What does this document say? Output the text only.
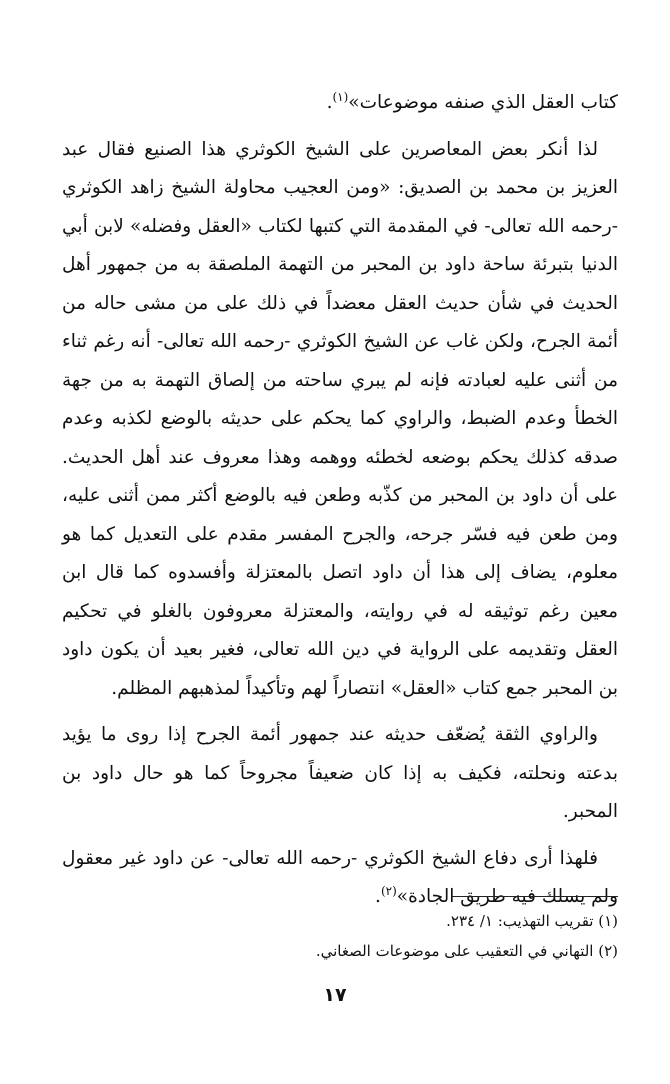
كتاب العقل الذي صنفه موضوعات»$^{(١)}$.

لذا أنكر بعض المعاصرين على الشيخ الكوثري هذا الصنيع فقال عبد العزيز بن محمد بن الصديق: «ومن العجيب محاولة الشيخ زاهد الكوثري -رحمه الله تعالى- في المقدمة التي كتبها لكتاب «العقل وفضله» لابن أبي الدنيا بتبرئة ساحة داود بن المحبر من التهمة الملصقة به من جمهور أهل الحديث في شأن حديث العقل معضداً في ذلك على من مشى حاله من أئمة الجرح، ولكن غاب عن الشيخ الكوثري -رحمه الله تعالى- أنه رغم ثناء من أثنى عليه لعبادته فإنه لم يبري ساحته من إلصاق التهمة به من جهة الخطأ وعدم الضبط، والراوي كما يحكم على حديثه بالوضع لكذبه وعدم صدقه كذلك يحكم بوضعه لخطئه ووهمه وهذا معروف عند أهل الحديث. على أن داود بن المحبر من كذّبه وطعن فيه بالوضع أكثر ممن أثنى عليه، ومن طعن فيه فسّر جرحه، والجرح المفسر مقدم على التعديل كما هو معلوم، يضاف إلى هذا أن داود اتصل بالمعتزلة وأفسدوه كما قال ابن معين رغم توثيقه له في روايته، والمعتزلة معروفون بالغلو في تحكيم العقل وتقديمه على الرواية في دين الله تعالى، فغير بعيد أن يكون داود بن المحبر جمع كتاب «العقل» انتصاراً لهم وتأكيداً لمذهبهم المظلم.

والراوي الثقة يُضعّف حديثه عند جمهور أئمة الجرح إذا روى ما يؤيد بدعته ونحلته، فكيف به إذا كان ضعيفاً مجروحاً كما هو حال داود بن المحبر.

فلهذا أرى دفاع الشيخ الكوثري -رحمه الله تعالى- عن داود غير معقول ولم يسلك فيه طريق الجادة»$^{(٢)}$.

(١) تقريب التهذيب: ١/ ٢٣٤.

(٢) التهاني في التعقيب على موضوعات الصغاني.

١٧
